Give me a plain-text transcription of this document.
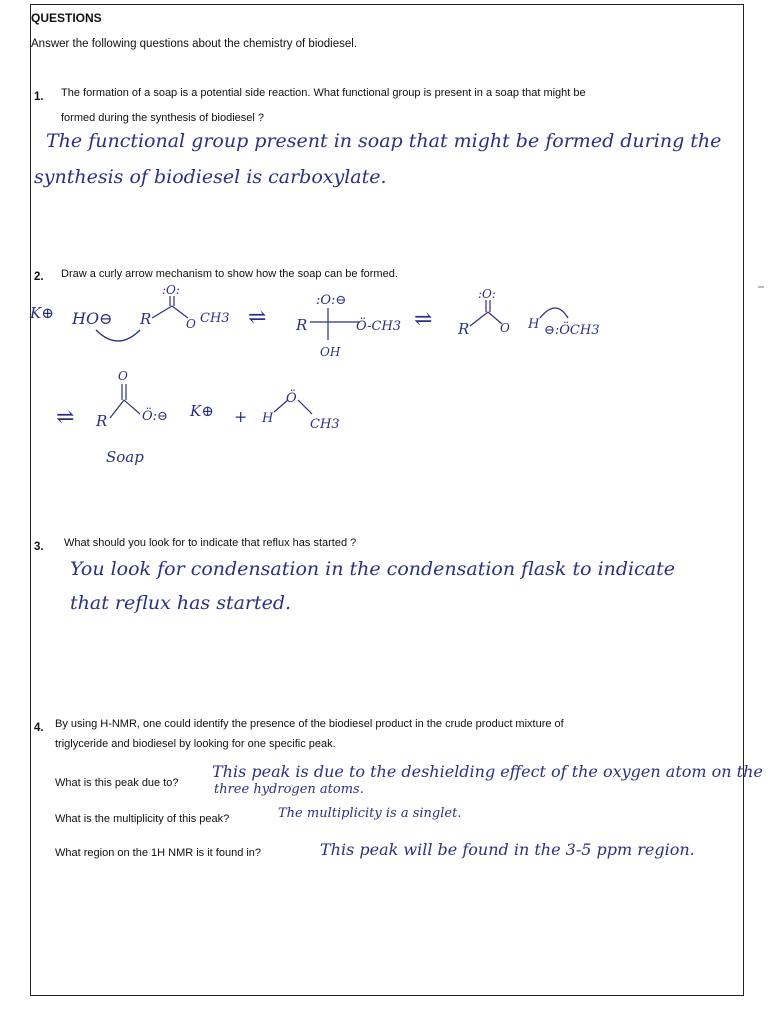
QUESTIONS
Answer the following questions about the chemistry of biodiesel.
1. The formation of a soap is a potential side reaction. What functional group is present in a soap that might be
formed during the synthesis of biodiesel ?
The functional group present in soap that might be formed during the
synthesis of biodiesel is carboxylate.
2. Draw a curly arrow mechanism to show how the soap can be formed.
K⊕ HO⊖ R
:O:
O CH3 ⇌ R
:O:⊖
Ö-CH3
OH
⇌ R
:O:
O H ⊖:ÖCH3
⇌ R
O
Ö:⊖ K⊕ + H
Ö
CH3
Soap
3. What should you look for to indicate that reflux has started ?
You look for condensation in the condensation flask to indicate
that reflux has started.
4. By using H-NMR, one could identify the presence of the biodiesel product in the crude product mixture of
triglyceride and biodiesel by looking for one specific peak.
What is this peak due to?
This peak is due to the deshielding effect of the oxygen atom on the
three hydrogen atoms.
What is the multiplicity of this peak?	The multiplicity is a singlet.
What region on the 1H NMR is it found in?	This peak will be found in the 3-5 ppm region.
